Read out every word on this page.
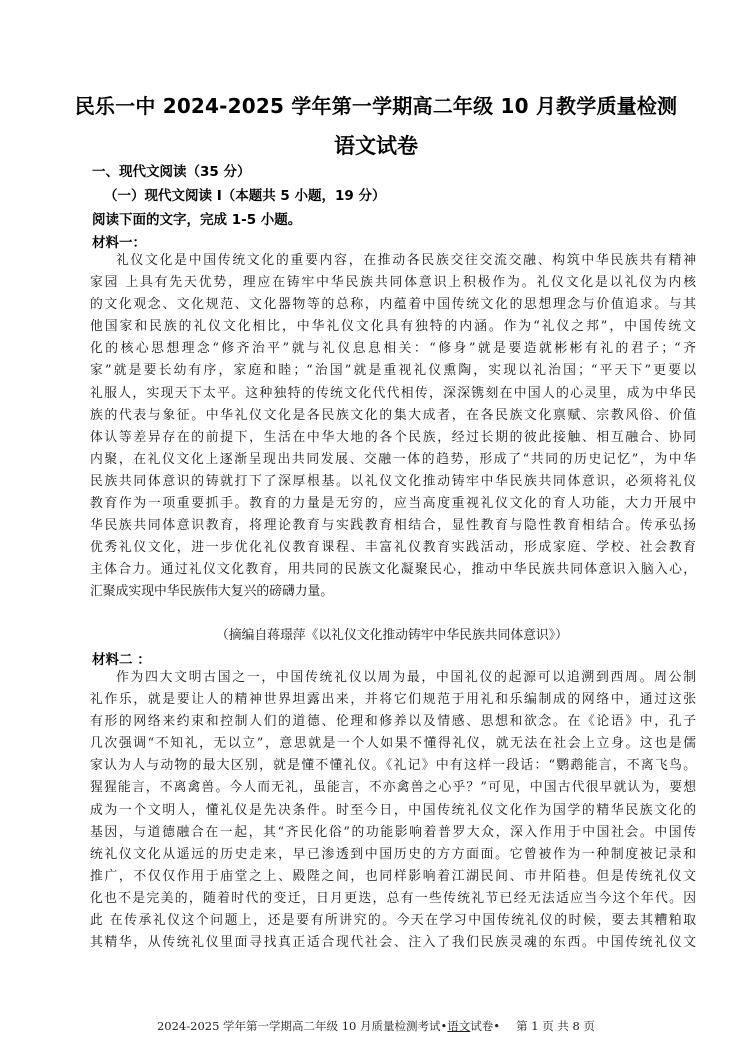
民乐一中 2024-2025 学年第一学期高二年级 10 月教学质量检测
语文试卷
一、现代文阅读（35 分）
（一）现代文阅读 I（本题共 5 小题，19 分）
阅读下面的文字，完成 1-5 小题。
材料一：
礼仪文化是中国传统文化的重要内容，在推动各民族交往交流交融、构筑中华民族共有精神
家园 上具有先天优势，理应在铸牢中华民族共同体意识上积极作为。礼仪文化是以礼仪为内核
的文化观念、文化规范、文化器物等的总称，内蕴着中国传统文化的思想理念与价值追求。与其
他国家和民族的礼仪文化相比，中华礼仪文化具有独特的内涵。作为“礼仪之邦”，中国传统文
化的核心思想理念“修齐治平”就与礼仪息息相关：“修身”就是要造就彬彬有礼的君子；“齐
家”就是要长幼有序，家庭和睦；“治国”就是重视礼仪熏陶，实现以礼治国；“平天下”更要以
礼服人，实现天下太平。这种独特的传统文化代代相传，深深镌刻在中国人的心灵里，成为中华民
族的代表与象征。中华礼仪文化是各民族文化的集大成者，在各民族文化禀赋、宗教风俗、价值
体认等差异存在的前提下，生活在中华大地的各个民族，经过长期的彼此接触、相互融合、协同
内聚，在礼仪文化上逐渐呈现出共同发展、交融一体的趋势，形成了“共同的历史记忆”，为中华
民族共同体意识的铸就打下了深厚根基。以礼仪文化推动铸牢中华民族共同体意识，必须将礼仪
教育作为一项重要抓手。教育的力量是无穷的，应当高度重视礼仪文化的育人功能，大力开展中
华民族共同体意识教育，将理论教育与实践教育相结合，显性教育与隐性教育相结合。传承弘扬
优秀礼仪文化，进一步优化礼仪教育课程、丰富礼仪教育实践活动，形成家庭、学校、社会教育
主体合力。通过礼仪文化教育，用共同的民族文化凝聚民心，推动中华民族共同体意识入脑入心，
汇聚成实现中华民族伟大复兴的磅礴力量。
（摘编自蒋璟萍《以礼仪文化推动铸牢中华民族共同体意识》）
材料二 ：
作为四大文明古国之一，中国传统礼仪以周为最，中国礼仪的起源可以追溯到西周。周公制
礼作乐，就是要让人的精神世界坦露出来，并将它们规范于用礼和乐编制成的网络中，通过这张
有形的网络来约束和控制人们的道德、伦理和修养以及情感、思想和欲念。在《论语》中，孔子
几次强调“不知礼，无以立”，意思就是一个人如果不懂得礼仪，就无法在社会上立身。这也是儒
家认为人与动物的最大区别，就是懂不懂礼仪。《礼记》中有这样一段话：“鹦鹉能言，不离飞鸟。
猩猩能言，不离禽兽。今人而无礼，虽能言，不亦禽兽之心乎？”可见，中国古代很早就认为，要想
成为一个文明人，懂礼仪是先决条件。时至今日，中国传统礼仪文化作为国学的精华民族文化的
基因，与道德融合在一起，其“齐民化俗”的功能影响着普罗大众，深入作用于中国社会。中国传
统礼仪文化从遥远的历史走来，早已渗透到中国历史的方方面面。它曾被作为一种制度被记录和
推广，不仅仅作用于庙堂之上、殿陛之间，也同样影响着江湖民间、市井陌巷。但是传统礼仪文
化也不是完美的，随着时代的变迁，日月更迭，总有一些传统礼节已经无法适应当今这个年代。因
此 在传承礼仪这个问题上，还是要有所讲究的。今天在学习中国传统礼仪的时候，要去其糟粕取
其精华，从传统礼仪里面寻找真正适合现代社会、注入了我们民族灵魂的东西。中国传统礼仪文
2024-2025 学年第一学期高二年级 10 月质量检测考试•语文试卷• 第 1 页 共 8 页
